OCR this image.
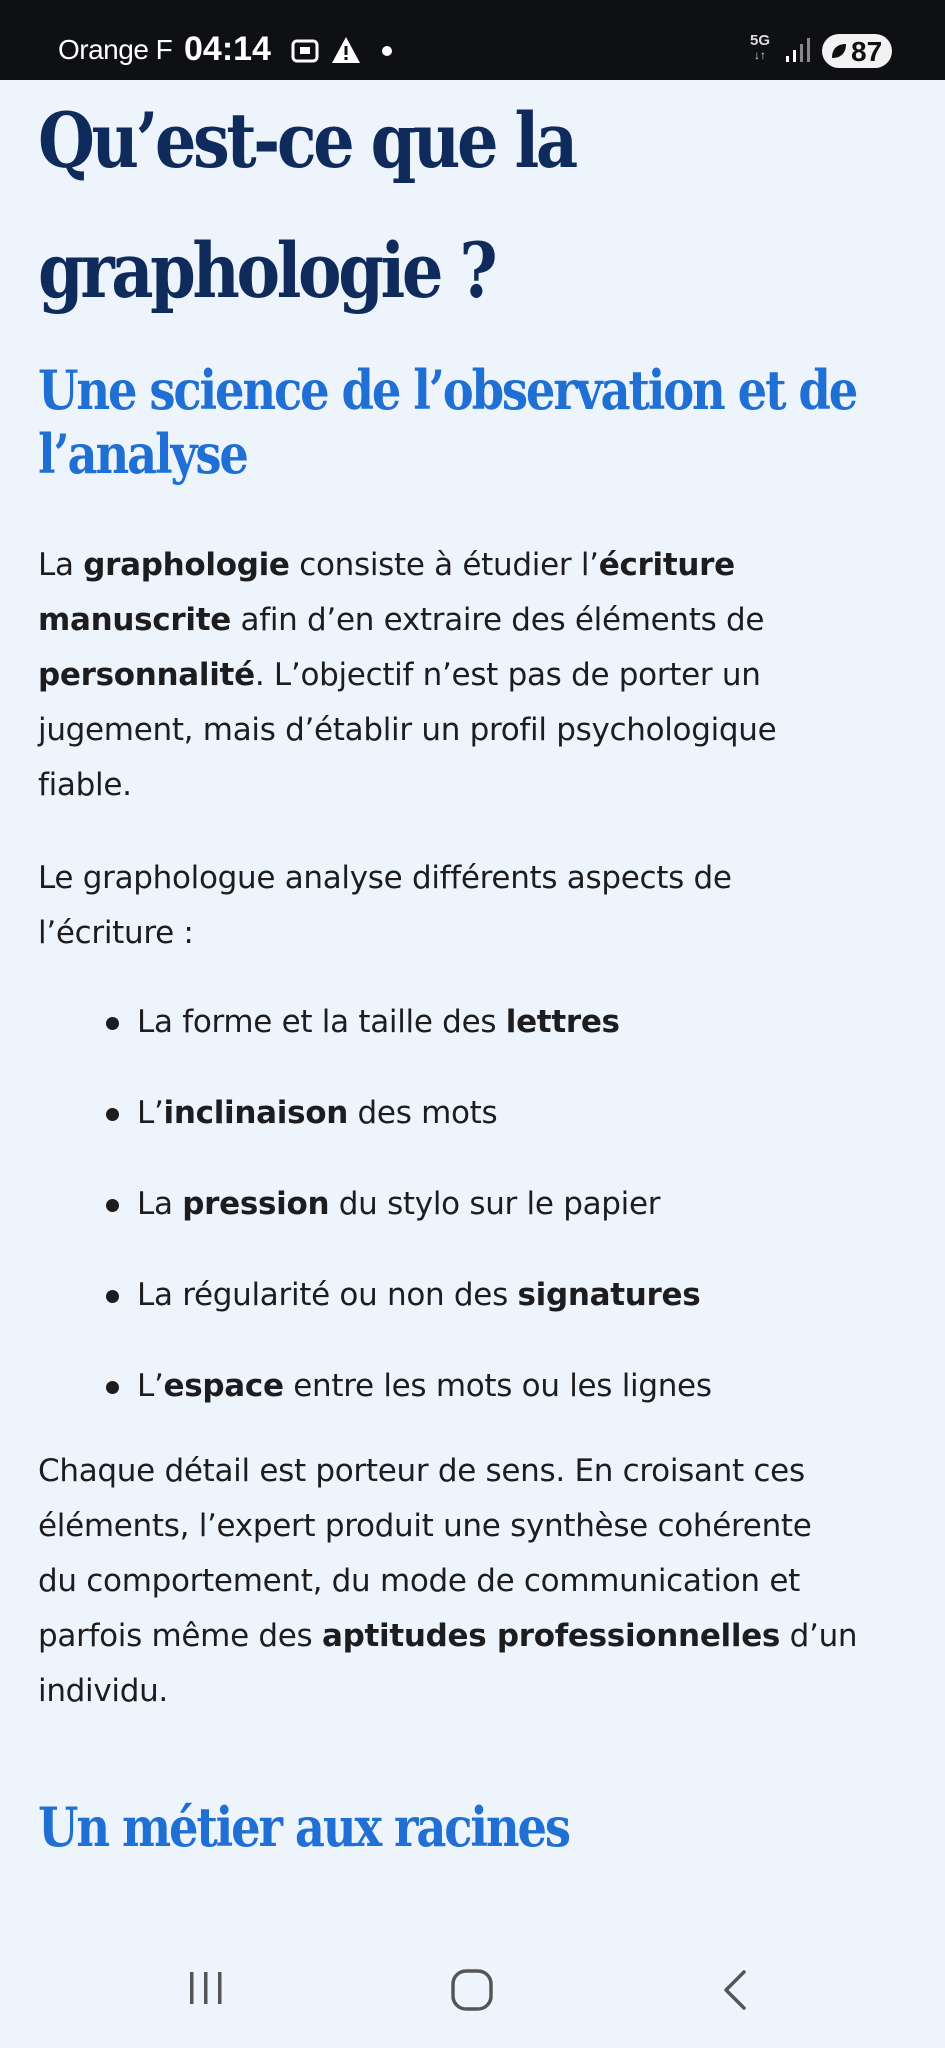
Orange F 04:14	5G
↓↑	87
Qu’est-ce que la
graphologie ?
Une science de l’observation et de
l’analyse

La graphologie consiste à étudier l’écriture
manuscrite afin d’en extraire des éléments de
personnalité. L’objectif n’est pas de porter un
jugement, mais d’établir un profil psychologique
fiable.

Le graphologue analyse différents aspects de
l’écriture :

La forme et la taille des lettres
L’inclinaison des mots
La pression du stylo sur le papier
La régularité ou non des signatures
L’espace entre les mots ou les lignes

Chaque détail est porteur de sens. En croisant ces
éléments, l’expert produit une synthèse cohérente
du comportement, du mode de communication et
parfois même des aptitudes professionnelles d’un
individu.

Un métier aux racines
